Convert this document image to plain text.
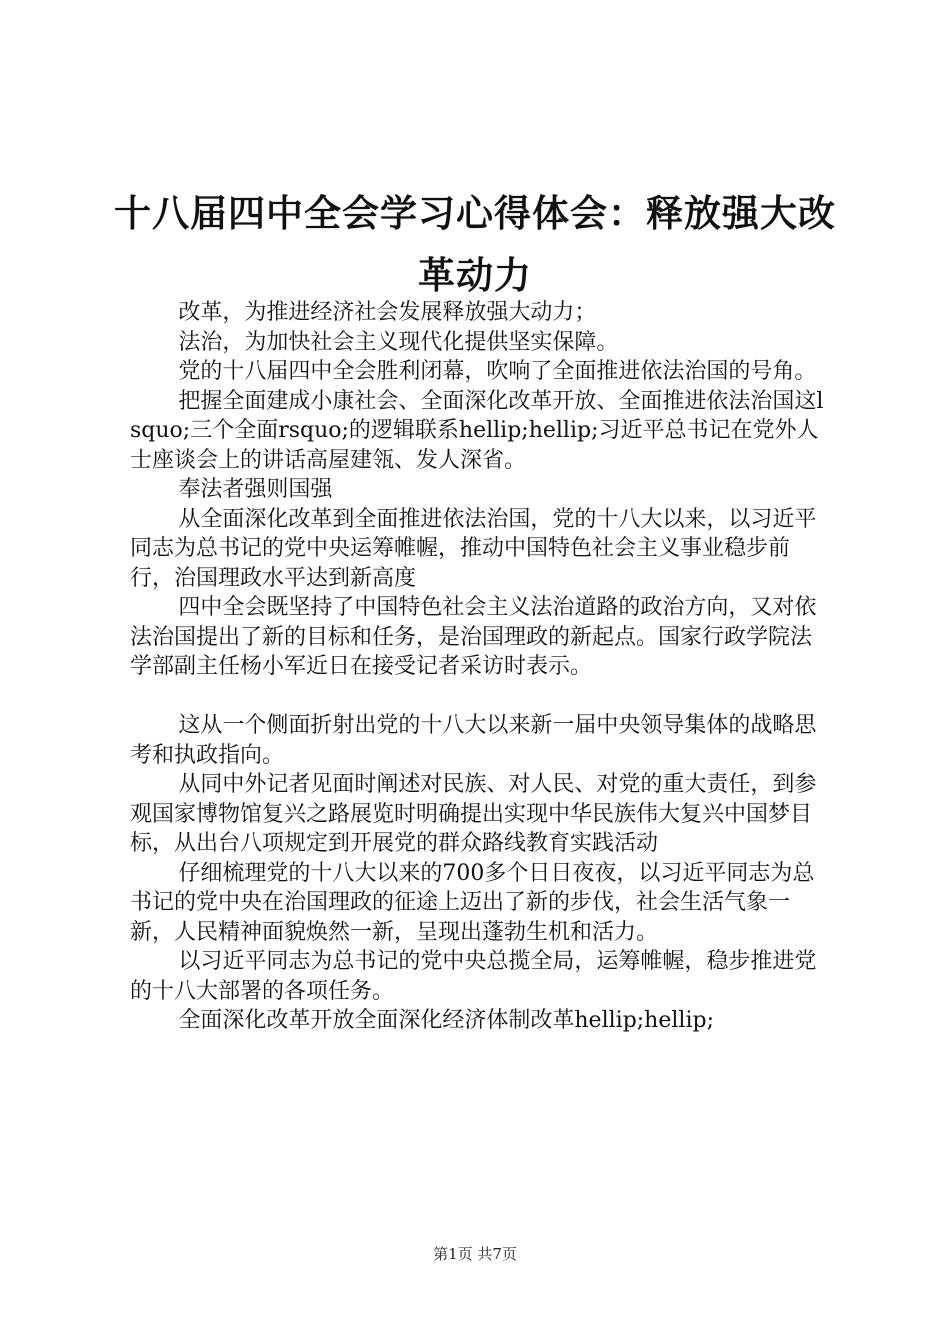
十八届四中全会学习心得体会：释放强大改革动力

改革，为推进经济社会发展释放强大动力；

法治，为加快社会主义现代化提供坚实保障。

党的十八届四中全会胜利闭幕，吹响了全面推进依法治国的号角。

把握全面建成小康社会、全面深化改革开放、全面推进依法治国这lsquo;三个全面rsquo;的逻辑联系hellip;hellip;习近平总书记在党外人士座谈会上的讲话高屋建瓴、发人深省。

奉法者强则国强

从全面深化改革到全面推进依法治国，党的十八大以来，以习近平同志为总书记的党中央运筹帷幄，推动中国特色社会主义事业稳步前行，治国理政水平达到新高度

四中全会既坚持了中国特色社会主义法治道路的政治方向，又对依法治国提出了新的目标和任务，是治国理政的新起点。国家行政学院法学部副主任杨小军近日在接受记者采访时表示。

这从一个侧面折射出党的十八大以来新一届中央领导集体的战略思考和执政指向。

从同中外记者见面时阐述对民族、对人民、对党的重大责任，到参观国家博物馆复兴之路展览时明确提出实现中华民族伟大复兴中国梦目标，从出台八项规定到开展党的群众路线教育实践活动

仔细梳理党的十八大以来的700多个日日夜夜，以习近平同志为总书记的党中央在治国理政的征途上迈出了新的步伐，社会生活气象一新，人民精神面貌焕然一新，呈现出蓬勃生机和活力。

以习近平同志为总书记的党中央总揽全局，运筹帷幄，稳步推进党的十八大部署的各项任务。

全面深化改革开放全面深化经济体制改革hellip;hellip;

第1页 共7页
